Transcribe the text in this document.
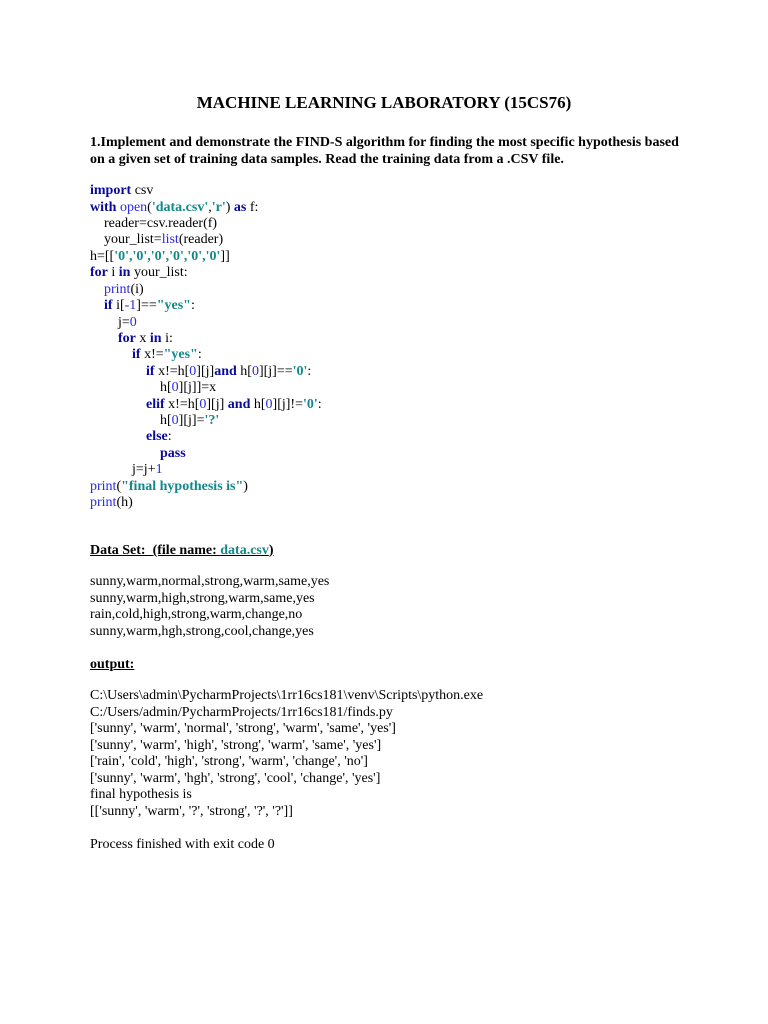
MACHINE LEARNING LABORATORY (15CS76)
1.Implement and demonstrate the FIND-S algorithm for finding the most specific hypothesis based
on a given set of training data samples. Read the training data from a .CSV file.
import csv
with open('data.csv','r') as f:
reader=csv.reader(f)
your_list=list(reader)
h=[['0','0','0','0','0','0']]
for i in your_list:
print(i)
if i[-1]=="yes":
j=0
for x in i:
if x!="yes":
if x!=h[0][j]and h[0][j]=='0':
h[0][j]]=x
elif x!=h[0][j] and h[0][j]!='0':
h[0][j]='?'
else:
pass
j=j+1
print("final hypothesis is")
print(h)
Data Set:  (file name: data.csv)
sunny,warm,normal,strong,warm,same,yes
sunny,warm,high,strong,warm,same,yes
rain,cold,high,strong,warm,change,no
sunny,warm,hgh,strong,cool,change,yes
output:
C:\Users\admin\PycharmProjects\1rr16cs181\venv\Scripts\python.exe
C:/Users/admin/PycharmProjects/1rr16cs181/finds.py
['sunny', 'warm', 'normal', 'strong', 'warm', 'same', 'yes']
['sunny', 'warm', 'high', 'strong', 'warm', 'same', 'yes']
['rain', 'cold', 'high', 'strong', 'warm', 'change', 'no']
['sunny', 'warm', 'hgh', 'strong', 'cool', 'change', 'yes']
final hypothesis is
[['sunny', 'warm', '?', 'strong', '?', '?']]
Process finished with exit code 0
